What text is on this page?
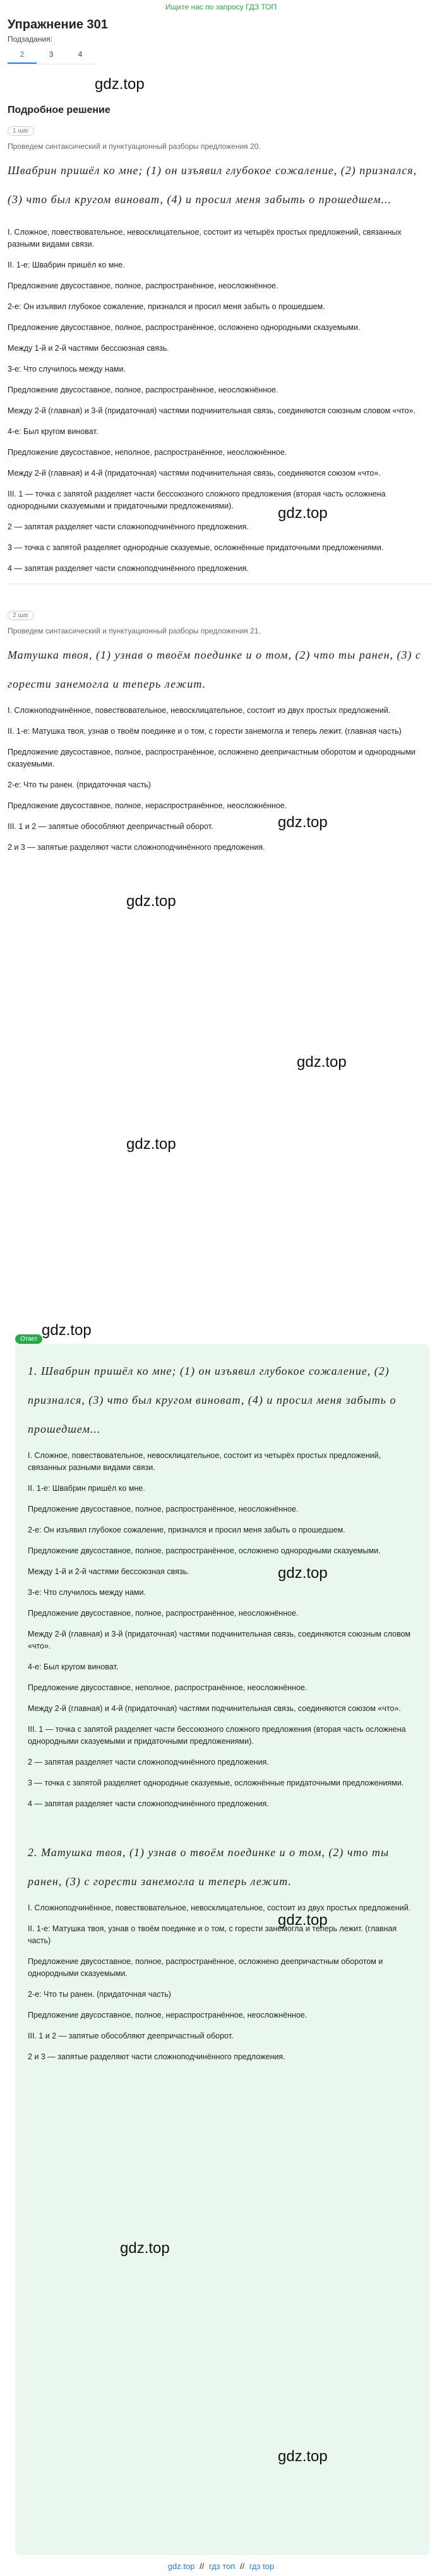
Ищите нас по запросу ГДЗ ТОП
Упражнение 301
Подзадания:
2	3	4
gdz.top
Подробное решение
1 шаг
Проведем синтаксический и пунктуационный разборы предложения 20.
Швабрин пришёл ко мне; (1) он изъявил глубокое сожаление, (2) признался, (3) что был кругом виноват, (4) и просил меня забыть о прошедшем...
I. Сложное, повествовательное, невосклицательное, состоит из четырёх простых предложений, связанных разными видами связи.
II. 1-е: Швабрин пришёл ко мне.
Предложение двусоставное, полное, распространённое, неосложнённое.
2-е: Он изъявил глубокое сожаление, признался и просил меня забыть о прошедшем.
Предложение двусоставное, полное, распространённое, осложнено однородными сказуемыми.
Между 1-й и 2-й частями бессоюзная связь.
3-е: Что случилось между нами.
Предложение двусоставное, полное, распространённое, неосложнённое.
Между 2-й (главная) и 3-й (придаточная) частями подчинительная связь, соединяются союзным словом «что».
4-е: Был кругом виноват.
Предложение двусоставное, неполное, распространённое, неосложнённое.
Между 2-й (главная) и 4-й (придаточная) частями подчинительная связь, соединяются союзом «что».
III. 1 — точка с запятой разделяет части бессоюзного сложного предложения (вторая часть осложнена однородными сказуемыми и придаточными предложениями).
2 — запятая разделяет части сложноподчинённого предложения.
3 — точка с запятой разделяет однородные сказуемые, осложнённые придаточными предложениями.
4 — запятая разделяет части сложноподчинённого предложения.
gdz.top
gdz.top
gdz.top
2 шаг
Проведем синтаксический и пунктуационный разборы предложения 21.
Матушка твоя, (1) узнав о твоём поединке и о том, (2) что ты ранен, (3) с горести занемогла и теперь лежит.
I. Сложноподчинённое, повествовательное, невосклицательное, состоит из двух простых предложений.
II. 1-е: Матушка твоя, узнав о твоём поединке и о том, с горести занемогла и теперь лежит. (главная часть)
Предложение двусоставное, полное, распространённое, осложнено деепричастным оборотом и однородными сказуемыми.
2-е: Что ты ранен. (придаточная часть)
Предложение двусоставное, полное, нераспространённое, неосложнённое.
III. 1 и 2 — запятые обособляют деепричастный оборот.
2 и 3 — запятые разделяют части сложноподчинённого предложения.
gdz.top
gdz.top
Ответ
gdz.top
1. Швабрин пришёл ко мне; (1) он изъявил глубокое сожаление, (2) признался, (3) что был кругом виноват, (4) и просил меня забыть о прошедшем...
I. Сложное, повествовательное, невосклицательное, состоит из четырёх простых предложений, связанных разными видами связи.
II. 1-е: Швабрин пришёл ко мне.
Предложение двусоставное, полное, распространённое, неосложнённое.
2-е: Он изъявил глубокое сожаление, признался и просил меня забыть о прошедшем.
Предложение двусоставное, полное, распространённое, осложнено однородными сказуемыми.
Между 1-й и 2-й частями бессоюзная связь.
3-е: Что случилось между нами.
Предложение двусоставное, полное, распространённое, неосложнённое.
Между 2-й (главная) и 3-й (придаточная) частями подчинительная связь, соединяются союзным словом «что».
4-е: Был кругом виноват.
Предложение двусоставное, неполное, распространённое, неосложнённое.
Между 2-й (главная) и 4-й (придаточная) частями подчинительная связь, соединяются союзом «что».
III. 1 — точка с запятой разделяет части бессоюзного сложного предложения (вторая часть осложнена однородными сказуемыми и придаточными предложениями).
2 — запятая разделяет части сложноподчинённого предложения.
3 — точка с запятой разделяет однородные сказуемые, осложнённые придаточными предложениями.
4 — запятая разделяет части сложноподчинённого предложения.
2. Матушка твоя, (1) узнав о твоём поединке и о том, (2) что ты ранен, (3) с горести занемогла и теперь лежит.
I. Сложноподчинённое, повествовательное, невосклицательное, состоит из двух простых предложений.
II. 1-е: Матушка твоя, узнав о твоём поединке и о том, с горести занемогла и теперь лежит. (главная часть)
Предложение двусоставное, полное, распространённое, осложнено деепричастным оборотом и однородными сказуемыми.
2-е: Что ты ранен. (придаточная часть)
Предложение двусоставное, полное, нераспространённое, неосложнённое.
III. 1 и 2 — запятые обособляют деепричастный оборот.
2 и 3 — запятые разделяют части сложноподчинённого предложения.
gdz.top
gdz.top
gdz.top
gdz.top
gdz.top // гдз топ // гдз top
